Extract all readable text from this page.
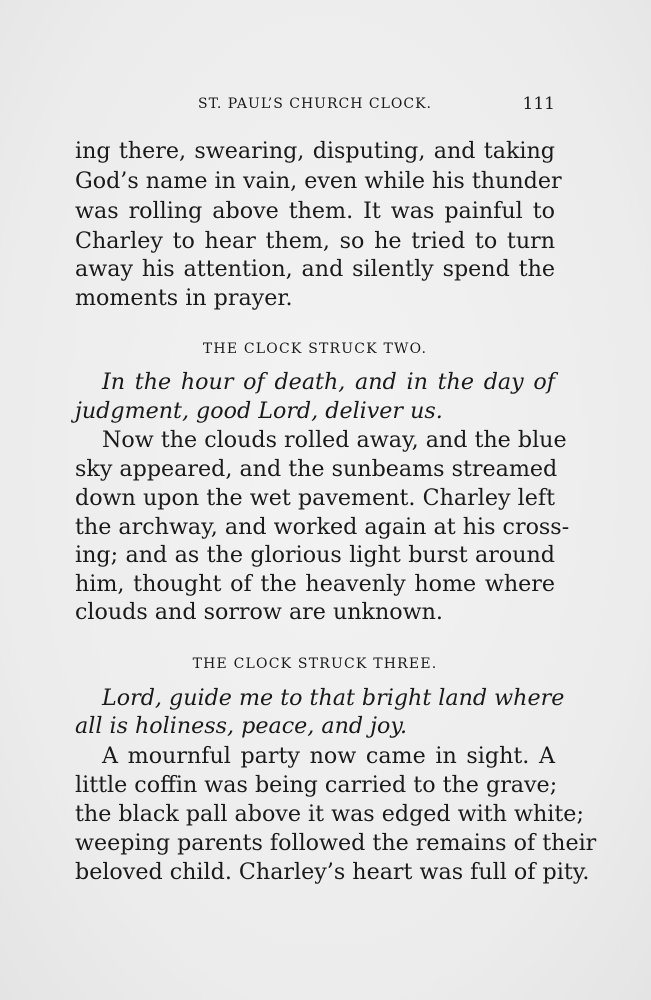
ST. PAUL’S CHURCH CLOCK.	111
ing there, swearing, disputing, and taking
God’s name in vain, even while his thunder
was rolling above them. It was painful to
Charley to hear them, so he tried to turn
away his attention, and silently spend the
moments in prayer.
THE CLOCK STRUCK TWO.
In the hour of death, and in the day of
judgment, good Lord, deliver us.
Now the clouds rolled away, and the blue
sky appeared, and the sunbeams streamed
down upon the wet pavement. Charley left
the archway, and worked again at his cross-
ing; and as the glorious light burst around
him, thought of the heavenly home where
clouds and sorrow are unknown.
THE CLOCK STRUCK THREE.
Lord, guide me to that bright land where
all is holiness, peace, and joy.
A mournful party now came in sight. A
little coffin was being carried to the grave;
the black pall above it was edged with white;
weeping parents followed the remains of their
beloved child. Charley’s heart was full of pity.
